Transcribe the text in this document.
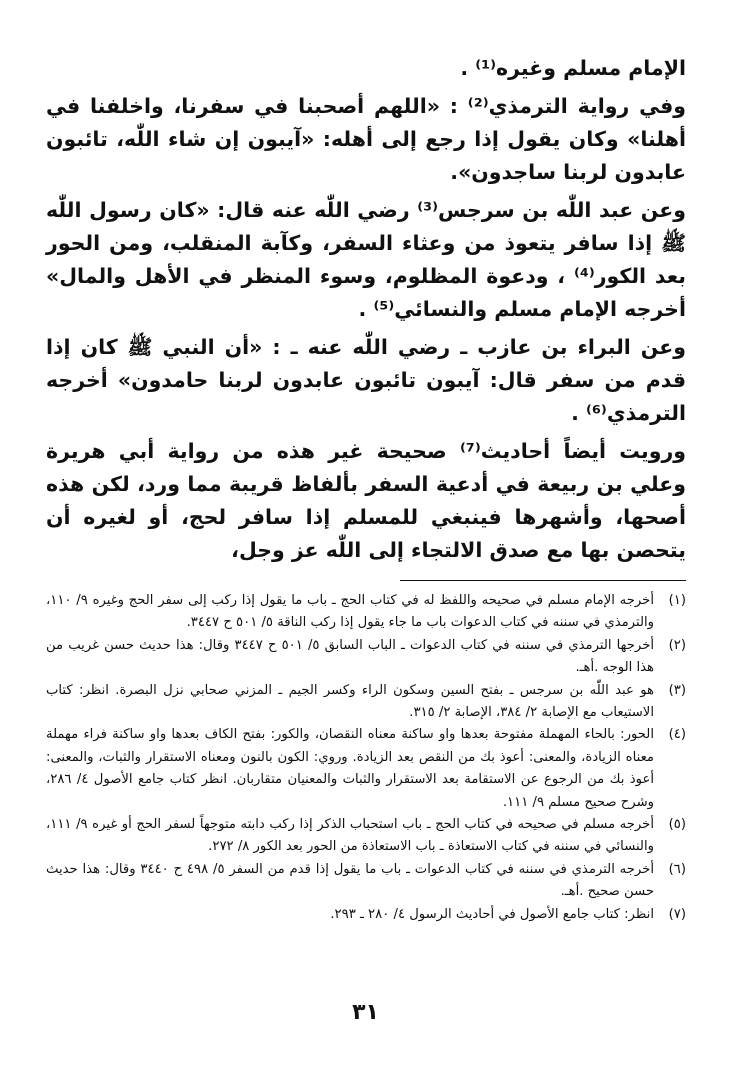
الإمام مسلم وغيره⁽¹⁾ .

وفي رواية الترمذي⁽²⁾ : «اللهم أصحبنا في سفرنا، واخلفنا في أهلنا» وكان يقول إذا رجع إلى أهله: «آيبون إن شاء اللّٰه، تائبون عابدون لربنا ساجدون».

وعن عبد اللّٰه بن سرجس⁽³⁾ رضي اللّٰه عنه قال: «كان رسول اللّٰه ﷺ إذا سافر يتعوذ من وعثاء السفر، وكآبة المنقلب، ومن الحور بعد الكور⁽⁴⁾ ، ودعوة المظلوم، وسوء المنظر في الأهل والمال» أخرجه الإمام مسلم والنسائي⁽⁵⁾ .

وعن البراء بن عازب ـ رضي اللّٰه عنه ـ : «أن النبي ﷺ كان إذا قدم من سفر قال: آيبون تائبون عابدون لربنا حامدون» أخرجه الترمذي⁽⁶⁾ .

ورويت أيضاً أحاديث⁽⁷⁾ صحيحة غير هذه من رواية أبي هريرة وعلي بن ربيعة في أدعية السفر بألفاظ قريبة مما ورد، لكن هذه أصحها، وأشهرها فينبغي للمسلم إذا سافر لحج، أو لغيره أن يتحصن بها مع صدق الالتجاء إلى اللّٰه عز وجل،

(١)
أخرجه الإمام مسلم في صحيحه واللفظ له في كتاب الحج ـ باب ما يقول إذا ركب إلى سفر الحج وغيره ٩/ ١١٠، والترمذي في سننه في كتاب الدعوات باب ما جاء يقول إذا ركب الناقة ٥/ ٥٠١ ح ٣٤٤٧.
(٢)
أخرجها الترمذي في سننه في كتاب الدعوات ـ الباب السابق ٥/ ٥٠١ ح ٣٤٤٧ وقال: هذا حديث حسن غريب من هذا الوجه .أهـ.
(٣)
هو عبد اللّٰه بن سرجس ـ بفتح السين وسكون الراء وكسر الجيم ـ المزني صحابي نزل البصرة. انظر: كتاب الاستيعاب مع الإصابة ٢/ ٣٨٤، الإصابة ٢/ ٣١٥.
(٤)
الحور: بالحاء المهملة مفتوحة بعدها واو ساكنة معناه النقصان، والكور: بفتح الكاف بعدها واو ساكنة فراء مهملة معناه الزيادة، والمعنى: أعوذ بك من النقص بعد الزيادة. وروي: الكون بالنون ومعناه الاستقرار والثبات، والمعنى: أعوذ بك من الرجوع عن الاستقامة بعد الاستقرار والثبات والمعنيان متقاربان. انظر كتاب جامع الأصول ٤/ ٢٨٦، وشرح صحيح مسلم ٩/ ١١١.
(٥)
أخرجه مسلم في صحيحه في كتاب الحج ـ باب استحباب الذكر إذا ركب دابته متوجهاً لسفر الحج أو غيره ٩/ ١١١، والنسائي في سننه في كتاب الاستعاذة ـ باب الاستعاذة من الحور بعد الكور ٨/ ٢٧٢.
(٦)
أخرجه الترمذي في سننه في كتاب الدعوات ـ باب ما يقول إذا قدم من السفر ٥/ ٤٩٨ ح ٣٤٤٠ وقال: هذا حديث حسن صحيح .أهـ.
(٧)
انظر: كتاب جامع الأصول في أحاديث الرسول ٤/ ٢٨٠ ـ ٢٩٣.
٣١
